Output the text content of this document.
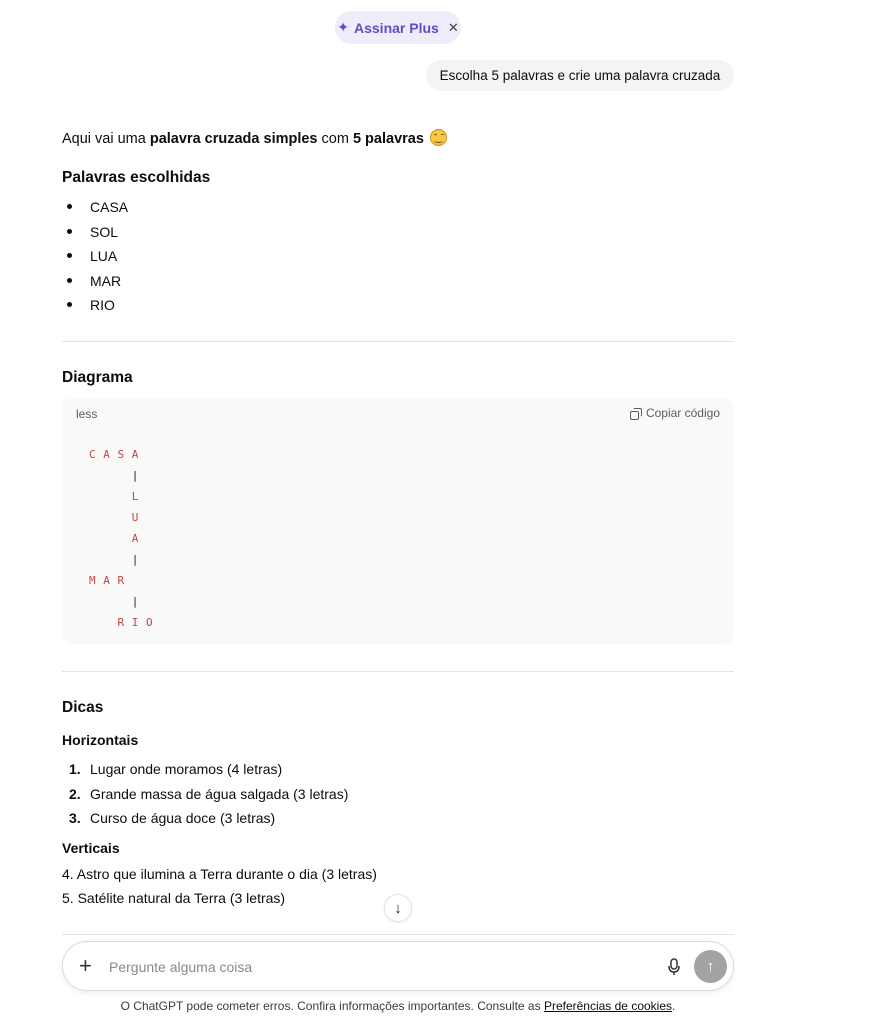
✦ Assinar Plus ✕
Escolha 5 palavras e crie uma palavra cruzada
Aqui vai uma palavra cruzada simples com 5 palavras
Palavras escolhidas
CASA
SOL
LUA
MAR
RIO
Diagrama
less	Copiar código
C A S A
|
L
U
A
|
M A R
|
R I O
Dicas
Horizontais
1. Lugar onde moramos (4 letras)
2. Grande massa de água salgada (3 letras)
3. Curso de água doce (3 letras)
Verticais
4. Astro que ilumina a Terra durante o dia (3 letras)
5. Satélite natural da Terra (3 letras)
↓
+
Pergunte alguma coisa	↑
O ChatGPT pode cometer erros. Confira informações importantes. Consulte as Preferências de cookies.
